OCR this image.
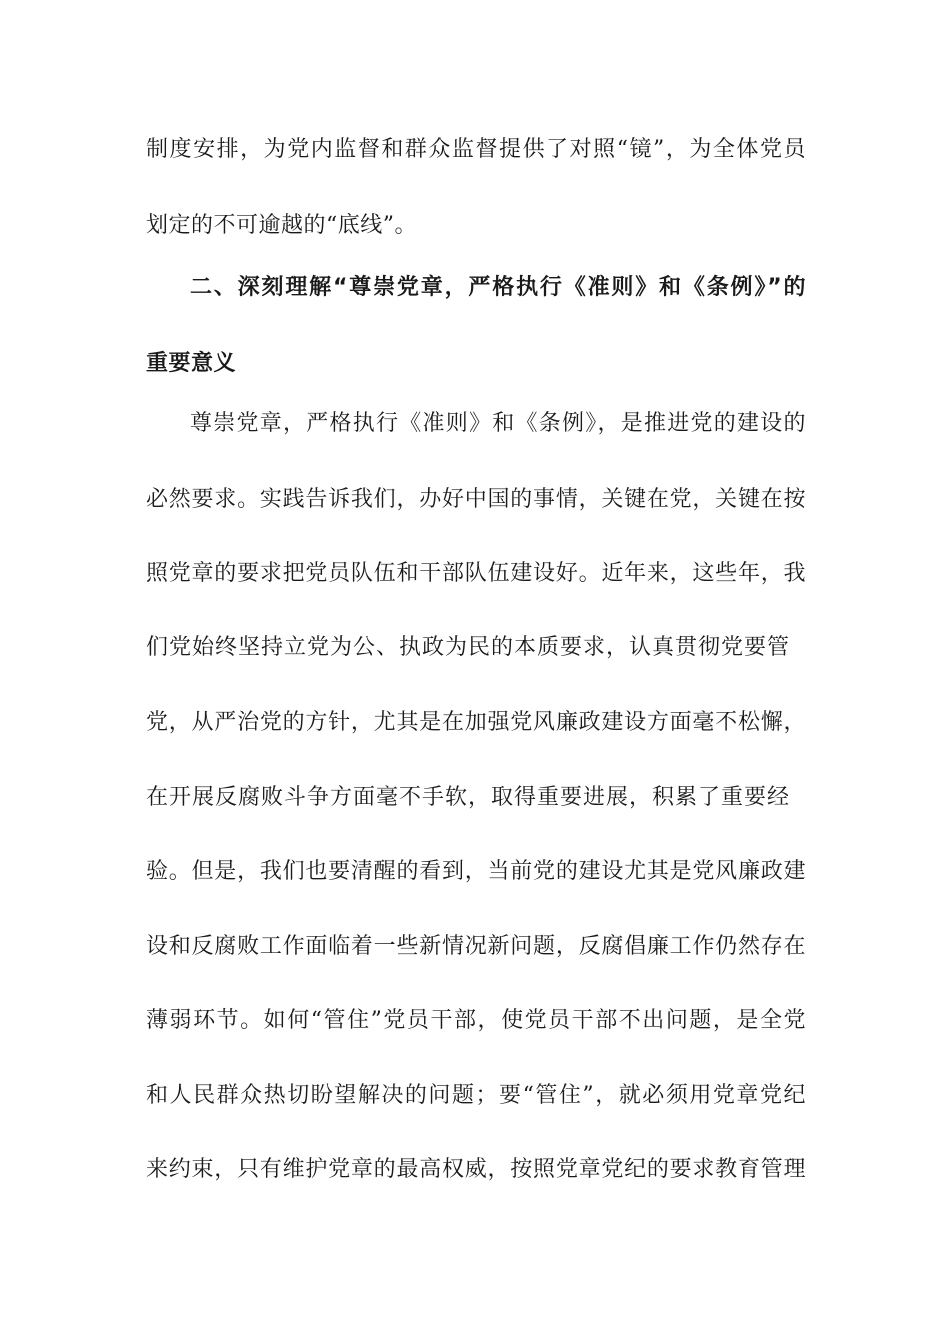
制度安排，为党内监督和群众监督提供了对照“镜”，为全体党员
划定的不可逾越的“底线”。
二、深刻理解“尊崇党章，严格执行《准则》和《条例》”的
重要意义
尊崇党章，严格执行《准则》和《条例》，是推进党的建设的
必然要求。实践告诉我们，办好中国的事情，关键在党，关键在按
照党章的要求把党员队伍和干部队伍建设好。近年来，这些年，我
们党始终坚持立党为公、执政为民的本质要求，认真贯彻党要管
党，从严治党的方针，尤其是在加强党风廉政建设方面毫不松懈，
在开展反腐败斗争方面毫不手软，取得重要进展，积累了重要经
验。但是，我们也要清醒的看到，当前党的建设尤其是党风廉政建
设和反腐败工作面临着一些新情况新问题，反腐倡廉工作仍然存在
薄弱环节。如何“管住”党员干部，使党员干部不出问题，是全党
和人民群众热切盼望解决的问题；要“管住”，就必须用党章党纪
来约束，只有维护党章的最高权威，按照党章党纪的要求教育管理
